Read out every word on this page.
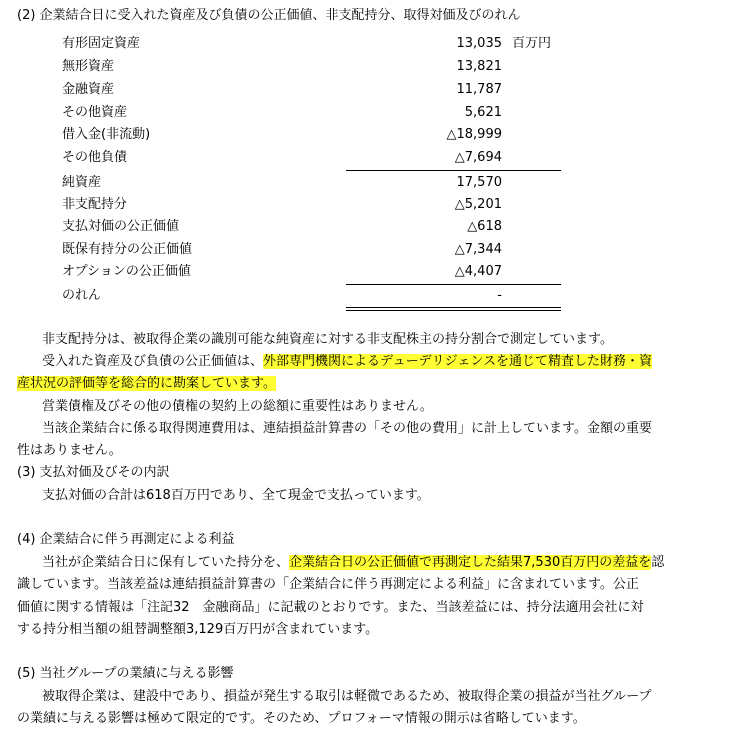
(2) 企業結合日に受入れた資産及び負債の公正価値、非支配持分、取得対価及びのれん
有形固定資産	13,035 百万円
無形資産	13,821
金融資産	11,787
その他資産	5,621
借入金(非流動)	△18,999
その他負債	△7,694
純資産	17,570
非支配持分	△5,201
支払対価の公正価値	△618
既保有持分の公正価値	△7,344
オプションの公正価値	△4,407
のれん	-
非支配持分は、被取得企業の識別可能な純資産に対する非支配株主の持分割合で測定しています。
受入れた資産及び負債の公正価値は、外部専門機関によるデューデリジェンスを通じて精査した財務・資
産状況の評価等を総合的に勘案しています。
営業債権及びその他の債権の契約上の総額に重要性はありません。
当該企業結合に係る取得関連費用は、連結損益計算書の「その他の費用」に計上しています。金額の重要
性はありません。
(3) 支払対価及びその内訳
支払対価の合計は618百万円であり、全て現金で支払っています。
(4) 企業結合に伴う再測定による利益
当社が企業結合日に保有していた持分を、企業結合日の公正価値で再測定した結果7,530百万円の差益を認
識しています。当該差益は連結損益計算書の「企業結合に伴う再測定による利益」に含まれています。公正
価値に関する情報は「注記32　金融商品」に記載のとおりです。また、当該差益には、持分法適用会社に対
する持分相当額の組替調整額3,129百万円が含まれています。
(5) 当社グループの業績に与える影響
被取得企業は、建設中であり、損益が発生する取引は軽微であるため、被取得企業の損益が当社グループ
の業績に与える影響は極めて限定的です。そのため、プロフォーマ情報の開示は省略しています。
